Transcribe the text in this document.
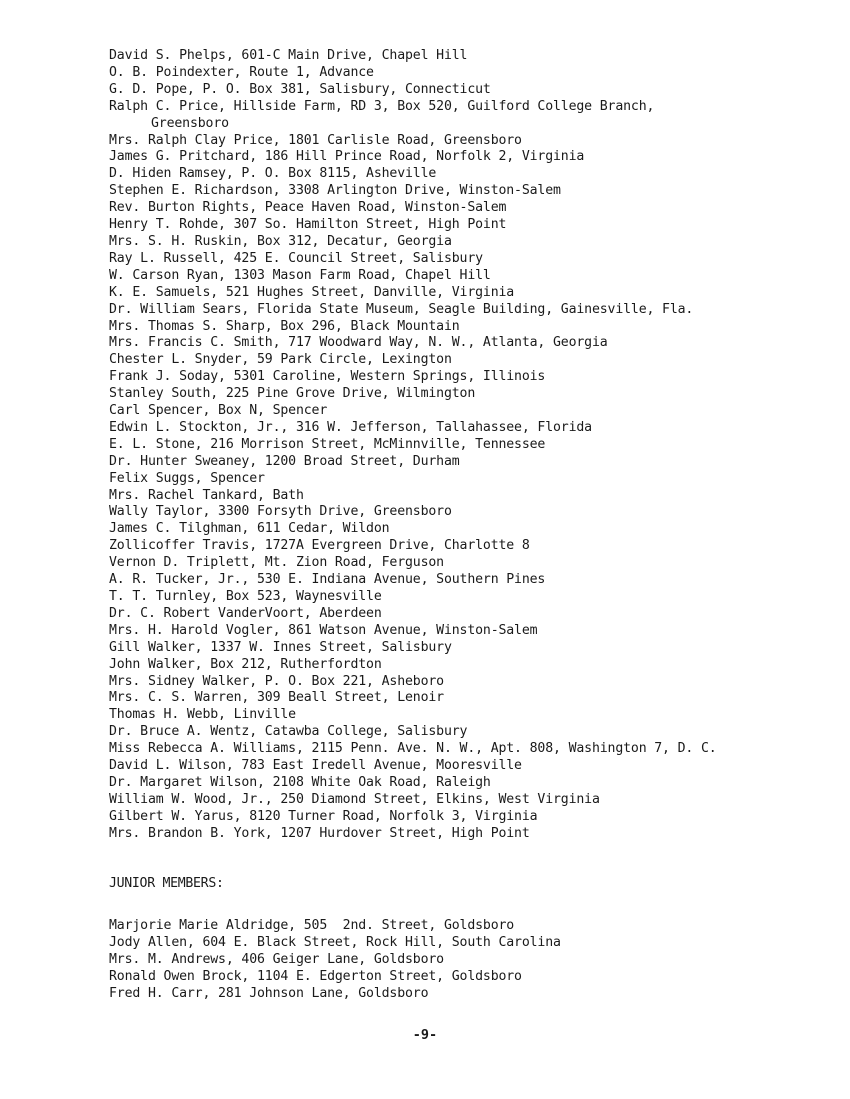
David S. Phelps, 601-C Main Drive, Chapel Hill
O. B. Poindexter, Route 1, Advance
G. D. Pope, P. O. Box 381, Salisbury, Connecticut
Ralph C. Price, Hillside Farm, RD 3, Box 520, Guilford College Branch,
Greensboro
Mrs. Ralph Clay Price, 1801 Carlisle Road, Greensboro
James G. Pritchard, 186 Hill Prince Road, Norfolk 2, Virginia
D. Hiden Ramsey, P. O. Box 8115, Asheville
Stephen E. Richardson, 3308 Arlington Drive, Winston-Salem
Rev. Burton Rights, Peace Haven Road, Winston-Salem
Henry T. Rohde, 307 So. Hamilton Street, High Point
Mrs. S. H. Ruskin, Box 312, Decatur, Georgia
Ray L. Russell, 425 E. Council Street, Salisbury
W. Carson Ryan, 1303 Mason Farm Road, Chapel Hill
K. E. Samuels, 521 Hughes Street, Danville, Virginia
Dr. William Sears, Florida State Museum, Seagle Building, Gainesville, Fla.
Mrs. Thomas S. Sharp, Box 296, Black Mountain
Mrs. Francis C. Smith, 717 Woodward Way, N. W., Atlanta, Georgia
Chester L. Snyder, 59 Park Circle, Lexington
Frank J. Soday, 5301 Caroline, Western Springs, Illinois
Stanley South, 225 Pine Grove Drive, Wilmington
Carl Spencer, Box N, Spencer
Edwin L. Stockton, Jr., 316 W. Jefferson, Tallahassee, Florida
E. L. Stone, 216 Morrison Street, McMinnville, Tennessee
Dr. Hunter Sweaney, 1200 Broad Street, Durham
Felix Suggs, Spencer
Mrs. Rachel Tankard, Bath
Wally Taylor, 3300 Forsyth Drive, Greensboro
James C. Tilghman, 611 Cedar, Wildon
Zollicoffer Travis, 1727A Evergreen Drive, Charlotte 8
Vernon D. Triplett, Mt. Zion Road, Ferguson
A. R. Tucker, Jr., 530 E. Indiana Avenue, Southern Pines
T. T. Turnley, Box 523, Waynesville
Dr. C. Robert VanderVoort, Aberdeen
Mrs. H. Harold Vogler, 861 Watson Avenue, Winston-Salem
Gill Walker, 1337 W. Innes Street, Salisbury
John Walker, Box 212, Rutherfordton
Mrs. Sidney Walker, P. O. Box 221, Asheboro
Mrs. C. S. Warren, 309 Beall Street, Lenoir
Thomas H. Webb, Linville
Dr. Bruce A. Wentz, Catawba College, Salisbury
Miss Rebecca A. Williams, 2115 Penn. Ave. N. W., Apt. 808, Washington 7, D. C.
David L. Wilson, 783 East Iredell Avenue, Mooresville
Dr. Margaret Wilson, 2108 White Oak Road, Raleigh
William W. Wood, Jr., 250 Diamond Street, Elkins, West Virginia
Gilbert W. Yarus, 8120 Turner Road, Norfolk 3, Virginia
Mrs. Brandon B. York, 1207 Hurdover Street, High Point
JUNIOR MEMBERS:
Marjorie Marie Aldridge, 505  2nd. Street, Goldsboro
Jody Allen, 604 E. Black Street, Rock Hill, South Carolina
Mrs. M. Andrews, 406 Geiger Lane, Goldsboro
Ronald Owen Brock, 1104 E. Edgerton Street, Goldsboro
Fred H. Carr, 281 Johnson Lane, Goldsboro
-9-
